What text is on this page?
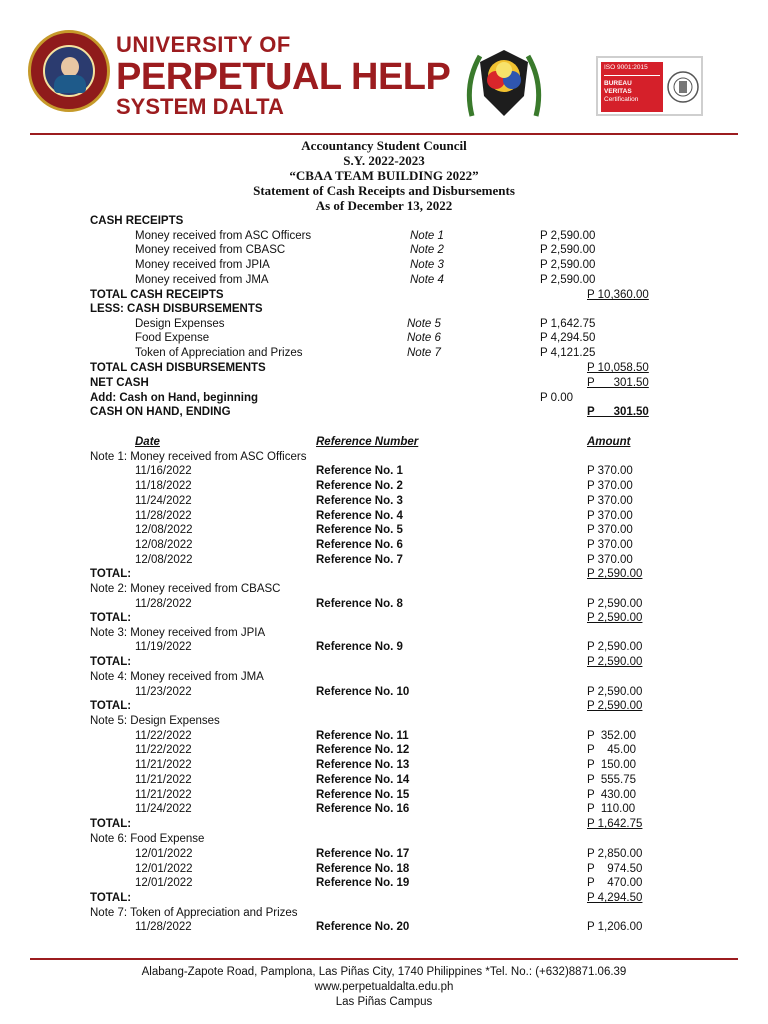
UNIVERSITY OF
PERPETUAL HELP
SYSTEM DALTA
ISO 9001:2015
BUREAU VERITAS
Certification
Accountancy Student Council
S.Y. 2022-2023
“CBAA TEAM BUILDING 2022”
Statement of Cash Receipts and Disbursements
As of December 13, 2022
CASH RECEIPTS
Money received from ASC Officers	Note 1	P 2,590.00
Money received from CBASC	Note 2	P 2,590.00
Money received from JPIA	Note 3	P 2,590.00
Money received from JMA	Note 4	P 2,590.00
TOTAL CASH RECEIPTS	P 10,360.00
LESS: CASH DISBURSEMENTS
Design Expenses	Note 5	P 1,642.75
Food Expense	Note 6	P 4,294.50
Token of Appreciation and Prizes	Note 7	P 4,121.25
TOTAL CASH DISBURSEMENTS	P 10,058.50
NET CASH	P      301.50
Add: Cash on Hand, beginning	P 0.00
CASH ON HAND, ENDING	P      301.50
Date	Reference Number	Amount
Note 1: Money received from ASC Officers
11/16/2022	Reference No. 1	P 370.00
11/18/2022	Reference No. 2	P 370.00
11/24/2022	Reference No. 3	P 370.00
11/28/2022	Reference No. 4	P 370.00
12/08/2022	Reference No. 5	P 370.00
12/08/2022	Reference No. 6	P 370.00
12/08/2022	Reference No. 7	P 370.00
TOTAL:	P 2,590.00
Note 2: Money received from CBASC
11/28/2022	Reference No. 8	P 2,590.00
TOTAL:	P 2,590.00
Note 3: Money received from JPIA
11/19/2022	Reference No. 9	P 2,590.00
TOTAL:	P 2,590.00
Note 4: Money received from JMA
11/23/2022	Reference No. 10	P 2,590.00
TOTAL:	P 2,590.00
Note 5: Design Expenses
11/22/2022	Reference No. 11	P  352.00
11/22/2022	Reference No. 12	P    45.00
11/21/2022	Reference No. 13	P  150.00
11/21/2022	Reference No. 14	P  555.75
11/21/2022	Reference No. 15	P  430.00
11/24/2022	Reference No. 16	P  110.00
TOTAL:	P 1,642.75
Note 6: Food Expense
12/01/2022	Reference No. 17	P 2,850.00
12/01/2022	Reference No. 18	P    974.50
12/01/2022	Reference No. 19	P    470.00
TOTAL:	P 4,294.50
Note 7: Token of Appreciation and Prizes
11/28/2022	Reference No. 20	P 1,206.00
Alabang-Zapote Road, Pamplona, Las Piñas City, 1740 Philippines *Tel. No.: (+632)8871.06.39
www.perpetualdalta.edu.ph
Las Piñas Campus
